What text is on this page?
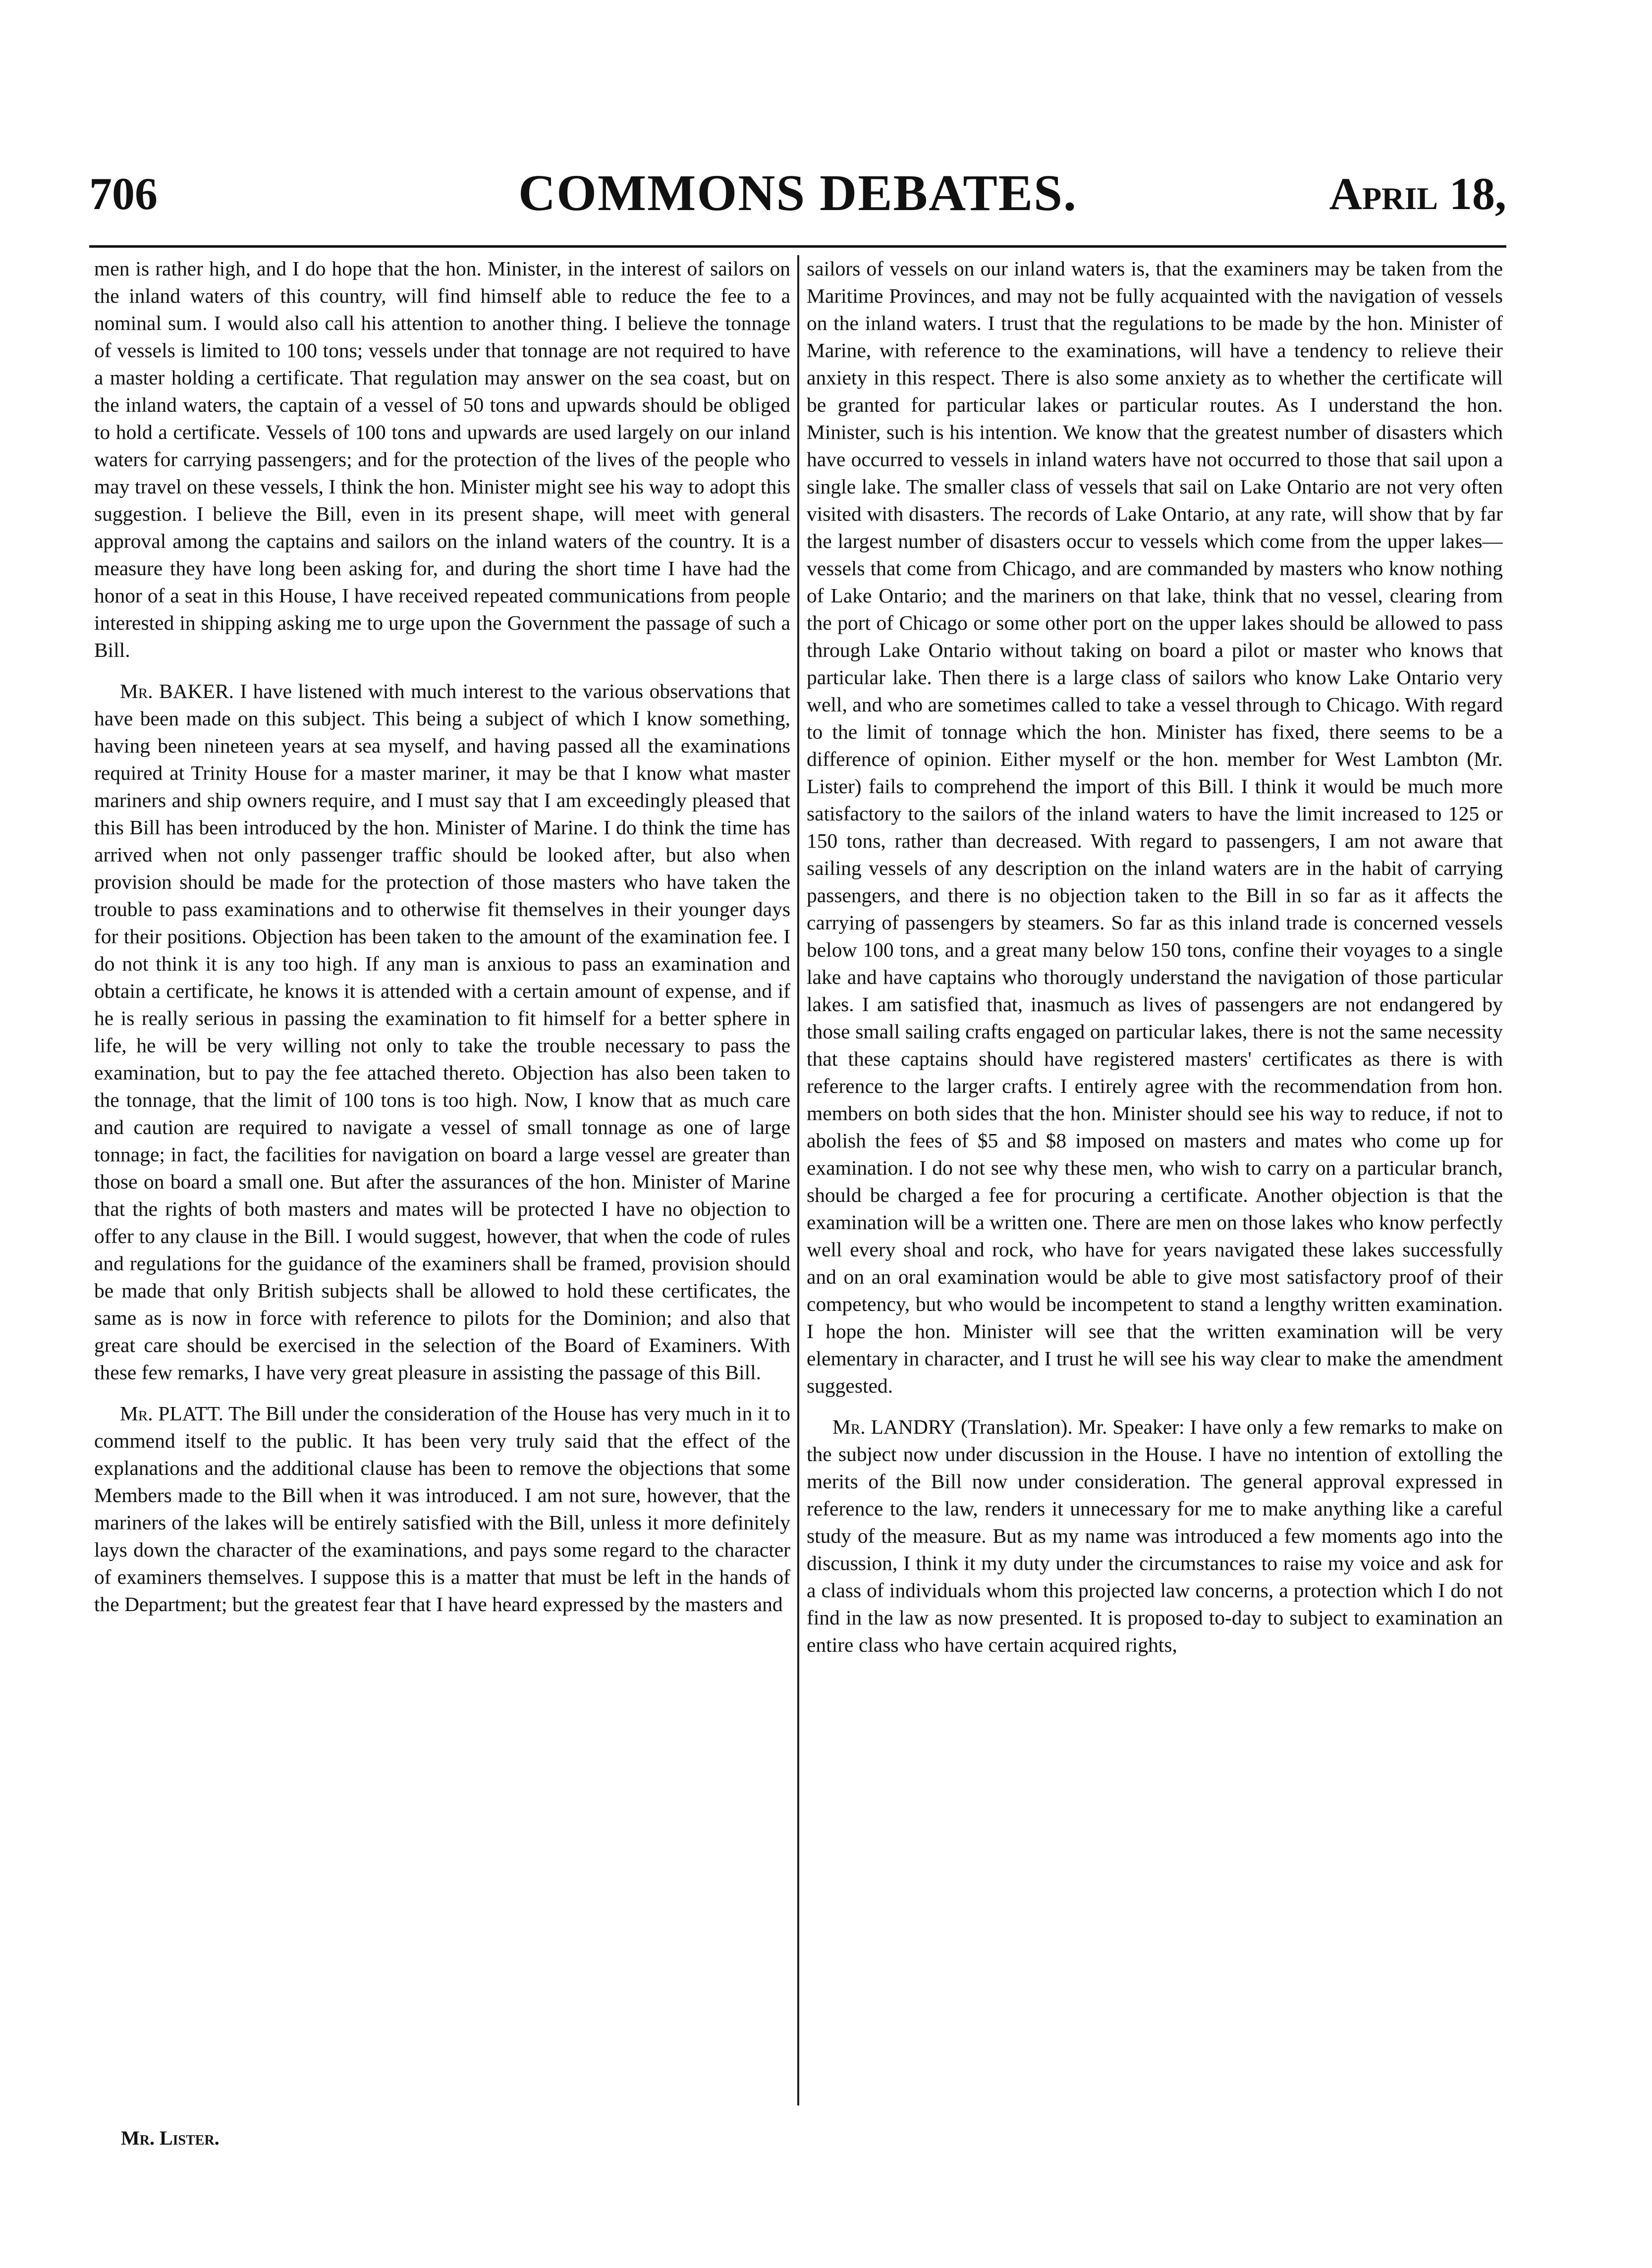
706	COMMONS DEBATES.	April 18,

men is rather high, and I do hope that the hon. Minister, in the interest of sailors on the inland waters of this country, will find himself able to reduce the fee to a nominal sum. I would also call his attention to another thing. I believe the tonnage of vessels is limited to 100 tons; vessels under that tonnage are not required to have a master holding a certificate. That regulation may answer on the sea coast, but on the inland waters, the captain of a vessel of 50 tons and upwards should be obliged to hold a certificate. Vessels of 100 tons and upwards are used largely on our inland waters for carrying passengers; and for the protection of the lives of the people who may travel on these vessels, I think the hon. Minister might see his way to adopt this suggestion. I believe the Bill, even in its present shape, will meet with general approval among the captains and sailors on the inland waters of the country. It is a measure they have long been asking for, and during the short time I have had the honor of a seat in this House, I have received repeated communications from people interested in shipping asking me to urge upon the Government the passage of such a Bill.

Mr. BAKER. I have listened with much interest to the various observations that have been made on this subject. This being a subject of which I know something, having been nineteen years at sea myself, and having passed all the examinations required at Trinity House for a master mariner, it may be that I know what master mariners and ship owners require, and I must say that I am exceedingly pleased that this Bill has been introduced by the hon. Minister of Marine. I do think the time has arrived when not only passenger traffic should be looked after, but also when provision should be made for the protection of those masters who have taken the trouble to pass examinations and to otherwise fit themselves in their younger days for their positions. Objection has been taken to the amount of the examination fee. I do not think it is any too high. If any man is anxious to pass an examination and obtain a certificate, he knows it is attended with a certain amount of expense, and if he is really serious in passing the examination to fit himself for a better sphere in life, he will be very willing not only to take the trouble necessary to pass the examination, but to pay the fee attached thereto. Objection has also been taken to the tonnage, that the limit of 100 tons is too high. Now, I know that as much care and caution are required to navigate a vessel of small tonnage as one of large tonnage; in fact, the facilities for navigation on board a large vessel are greater than those on board a small one. But after the assurances of the hon. Minister of Marine that the rights of both masters and mates will be protected I have no objection to offer to any clause in the Bill. I would suggest, however, that when the code of rules and regulations for the guidance of the examiners shall be framed, provision should be made that only British subjects shall be allowed to hold these certificates, the same as is now in force with reference to pilots for the Dominion; and also that great care should be exercised in the selection of the Board of Examiners. With these few remarks, I have very great pleasure in assisting the passage of this Bill.

Mr. PLATT. The Bill under the consideration of the House has very much in it to commend itself to the public. It has been very truly said that the effect of the explanations and the additional clause has been to remove the objections that some Members made to the Bill when it was introduced. I am not sure, however, that the mariners of the lakes will be entirely satisfied with the Bill, unless it more definitely lays down the character of the examinations, and pays some regard to the character of examiners themselves. I suppose this is a matter that must be left in the hands of the Department; but the greatest fear that I have heard expressed by the masters and

sailors of vessels on our inland waters is, that the examiners may be taken from the Maritime Provinces, and may not be fully acquainted with the navigation of vessels on the inland waters. I trust that the regulations to be made by the hon. Minister of Marine, with reference to the examinations, will have a tendency to relieve their anxiety in this respect. There is also some anxiety as to whether the certificate will be granted for particular lakes or particular routes. As I understand the hon. Minister, such is his intention. We know that the greatest number of disasters which have occurred to vessels in inland waters have not occurred to those that sail upon a single lake. The smaller class of vessels that sail on Lake Ontario are not very often visited with disasters. The records of Lake Ontario, at any rate, will show that by far the largest number of disasters occur to vessels which come from the upper lakes—vessels that come from Chicago, and are commanded by masters who know nothing of Lake Ontario; and the mariners on that lake, think that no vessel, clearing from the port of Chicago or some other port on the upper lakes should be allowed to pass through Lake Ontario without taking on board a pilot or master who knows that particular lake. Then there is a large class of sailors who know Lake Ontario very well, and who are sometimes called to take a vessel through to Chicago. With regard to the limit of tonnage which the hon. Minister has fixed, there seems to be a difference of opinion. Either myself or the hon. member for West Lambton (Mr. Lister) fails to comprehend the import of this Bill. I think it would be much more satisfactory to the sailors of the inland waters to have the limit increased to 125 or 150 tons, rather than decreased. With regard to passengers, I am not aware that sailing vessels of any description on the inland waters are in the habit of carrying passengers, and there is no objection taken to the Bill in so far as it affects the carrying of passengers by steamers. So far as this inland trade is concerned vessels below 100 tons, and a great many below 150 tons, confine their voyages to a single lake and have captains who thorougly understand the navigation of those particular lakes. I am satisfied that, inasmuch as lives of passengers are not endangered by those small sailing crafts engaged on particular lakes, there is not the same necessity that these captains should have registered masters' certificates as there is with reference to the larger crafts. I entirely agree with the recommendation from hon. members on both sides that the hon. Minister should see his way to reduce, if not to abolish the fees of $5 and $8 imposed on masters and mates who come up for examination. I do not see why these men, who wish to carry on a particular branch, should be charged a fee for procuring a certificate. Another objection is that the examination will be a written one. There are men on those lakes who know perfectly well every shoal and rock, who have for years navigated these lakes successfully and on an oral examination would be able to give most satisfactory proof of their competency, but who would be incompetent to stand a lengthy written examination. I hope the hon. Minister will see that the written examination will be very elementary in character, and I trust he will see his way clear to make the amendment suggested.

Mr. LANDRY (Translation). Mr. Speaker: I have only a few remarks to make on the subject now under discussion in the House. I have no intention of extolling the merits of the Bill now under consideration. The general approval expressed in reference to the law, renders it unnecessary for me to make anything like a careful study of the measure. But as my name was introduced a few moments ago into the discussion, I think it my duty under the circumstances to raise my voice and ask for a class of individuals whom this projected law concerns, a protection which I do not find in the law as now presented. It is proposed to-day to subject to examination an entire class who have certain acquired rights,

Mr. Lister.
